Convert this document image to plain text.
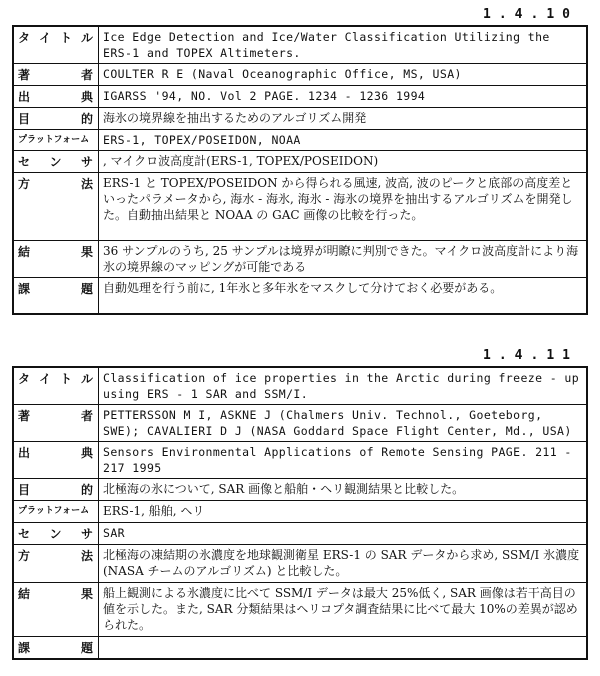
1.4.10
タ イ ト ル	Ice Edge Detection and Ice/Water Classification Utilizing the ERS-1 and TOPEX Altimeters.

著 者	COULTER R E (Naval Oceanographic Office, MS, USA)

出 典	IGARSS '94, NO. Vol 2 PAGE. 1234 - 1236 1994

目 的	海氷の境界線を抽出するためのアルゴリズム開発
プラットフォーム	ERS-1, TOPEX/POSEIDON, NOAA

セ ン サ	, マイクロ波高度計(ERS-1, TOPEX/POSEIDON)

方 法	ERS-1 と TOPEX/POSEIDON から得られる風速, 波高, 波のピークと底部の高度差といったパラメータから, 海水 - 海氷, 海氷 - 海氷の境界を抽出するアルゴリズムを開発した。自動抽出結果と NOAA の GAC 画像の比較を行った。

結 果	36 サンプルのうち, 25 サンプルは境界が明瞭に判別できた。マイクロ波高度計により海氷の境界線のマッピングが可能である

課 題	自動処理を行う前に, 1年氷と多年氷をマスクして分けておく必要がある。
1.4.11
タ イ ト ル	Classification of ice properties in the Arctic during freeze - up using ERS - 1 SAR and SSM/I.

著 者	PETTERSSON M I, ASKNE J (Chalmers Univ. Technol., Goeteborg, SWE); CAVALIERI D J (NASA Goddard Space Flight Center, Md., USA)

出 典	Sensors Environmental Applications of Remote Sensing PAGE. 211 - 217 1995

目 的	北極海の氷について, SAR 画像と船舶・ヘリ観測結果と比較した。
プラットフォーム	ERS-1, 船舶, ヘリ

セ ン サ	SAR

方 法	北極海の凍結期の氷濃度を地球観測衛星 ERS-1 の SAR データから求め, SSM/I 氷濃度 (NASA チームのアルゴリズム) と比較した。

結 果	船上観測による氷濃度に比べて SSM/I データは最大 25%低く, SAR 画像は若干高目の値を示した。また, SAR 分類結果はヘリコプタ調査結果に比べて最大 10%の差異が認められた。

課 題	
